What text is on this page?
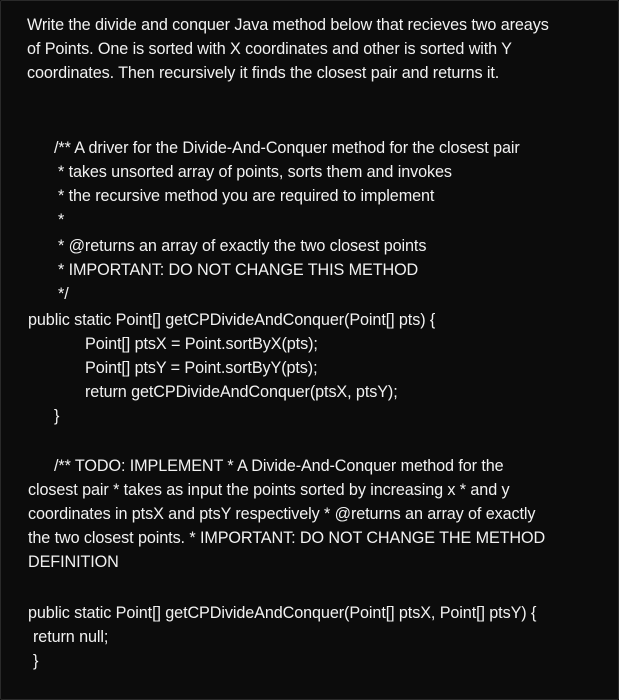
Write the divide and conquer Java method below that recieves two areays
of Points. One is sorted with X coordinates and other is sorted with Y
coordinates. Then recursively it finds the closest pair and returns it.
/** A driver for the Divide-And-Conquer method for the closest pair
* takes unsorted array of points, sorts them and invokes
* the recursive method you are required to implement
*
* @returns an array of exactly the two closest points
* IMPORTANT: DO NOT CHANGE THIS METHOD
*/
public static Point[] getCPDivideAndConquer(Point[] pts) {
Point[] ptsX = Point.sortByX(pts);
Point[] ptsY = Point.sortByY(pts);
return getCPDivideAndConquer(ptsX, ptsY);
}
/** TODO: IMPLEMENT * A Divide-And-Conquer method for the
closest pair * takes as input the points sorted by increasing x * and y
coordinates in ptsX and ptsY respectively * @returns an array of exactly
the two closest points. * IMPORTANT: DO NOT CHANGE THE METHOD
DEFINITION
public static Point[] getCPDivideAndConquer(Point[] ptsX, Point[] ptsY) {
return null;
}
